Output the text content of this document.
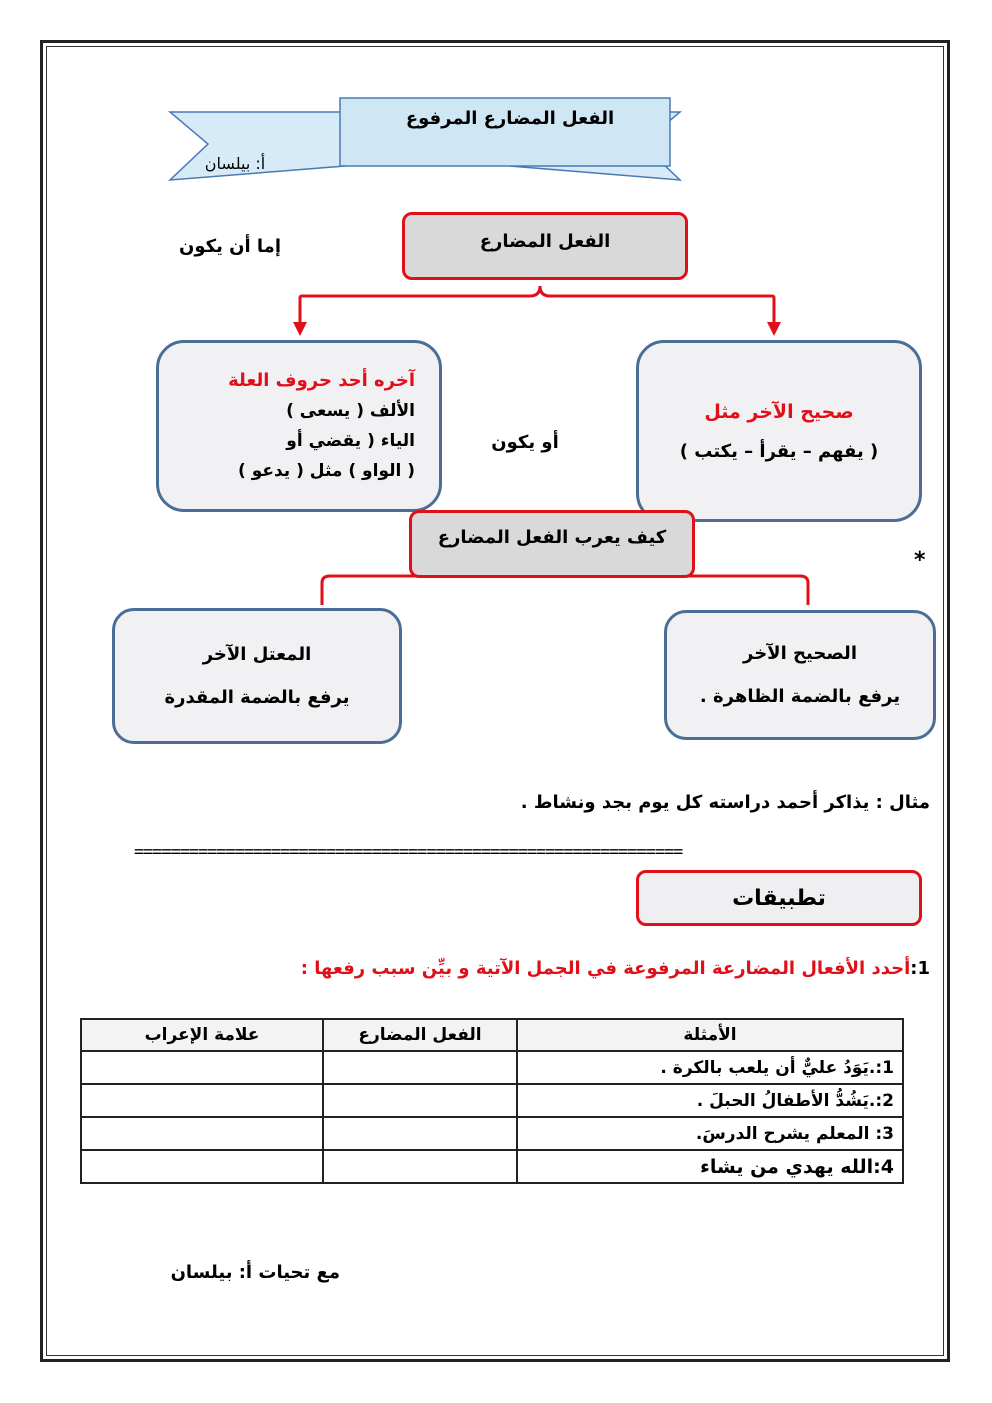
الفعل المضارع المرفوع
أ: بيلسان
الفعل المضارع
إما أن يكون
صحيح الآخر مثل
( يفهم – يقرأ – يكتب )
آخره أحد حروف العلة
الألف ( يسعى )
الياء ( يقضي أو
( الواو ) مثل ( يدعو )
أو يكون
كيف يعرب الفعل المضارع
*
الصحيح الآخر
يرفع بالضمة الظاهرة .
المعتل الآخر
يرفع بالضمة المقدرة
مثال : يذاكر أحمد دراسته كل يوم بجد ونشاط .
============================================================
تطبيقات
1:أحدد الأفعال المضارعة المرفوعة في الجمل الآتية و بيِّن سبب رفعها :
الأمثلة	الفعل المضارع	علامة الإعراب
1:.يَوَدُ عليٌّ أن يلعب بالكرة .		
2:.يَشُدُّ الأطفالُ الحبلَ .		
3: المعلم يشرح الدرسَ.		
4:الله يهدي من يشاء		
مع تحيات أ: بيلسان
